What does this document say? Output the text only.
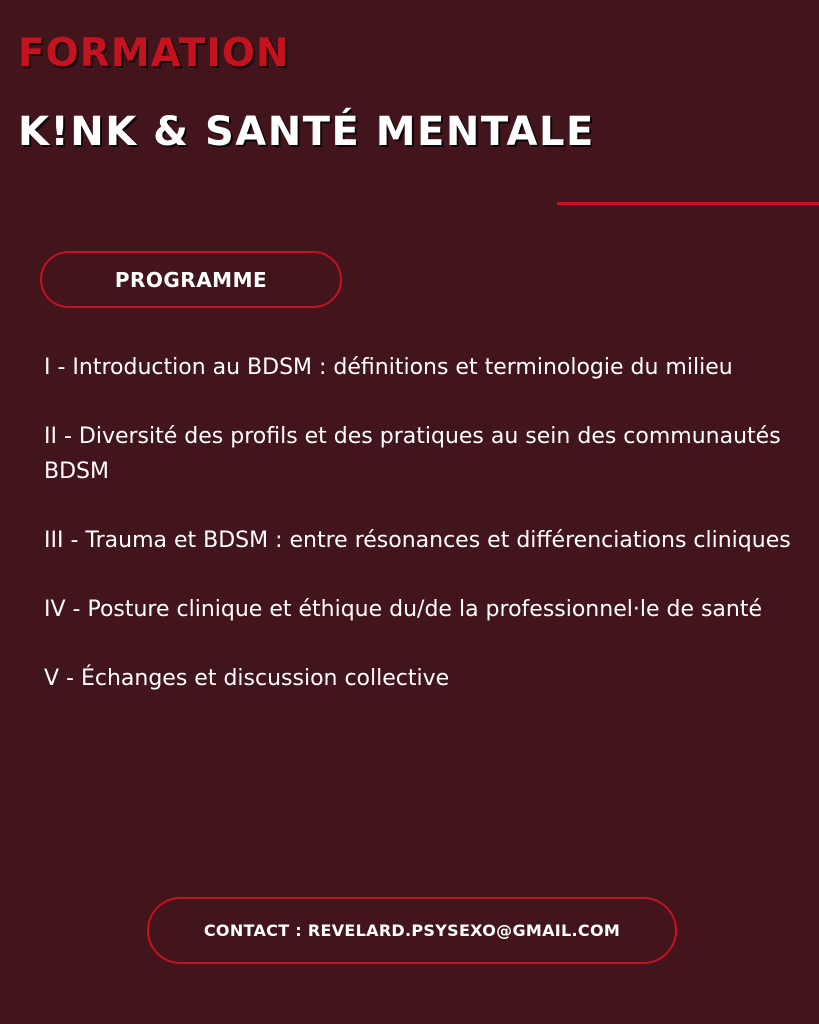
FORMATION
K!NK & SANTÉ MENTALE
PROGRAMME
I - Introduction au BDSM : définitions et terminologie du milieu
II - Diversité des profils et des pratiques au sein des communautés BDSM
III - Trauma et BDSM : entre résonances et différenciations cliniques
IV - Posture clinique et éthique du/de la professionnel·le de santé
V - Échanges et discussion collective
CONTACT : REVELARD.PSYSEXO@GMAIL.COM
